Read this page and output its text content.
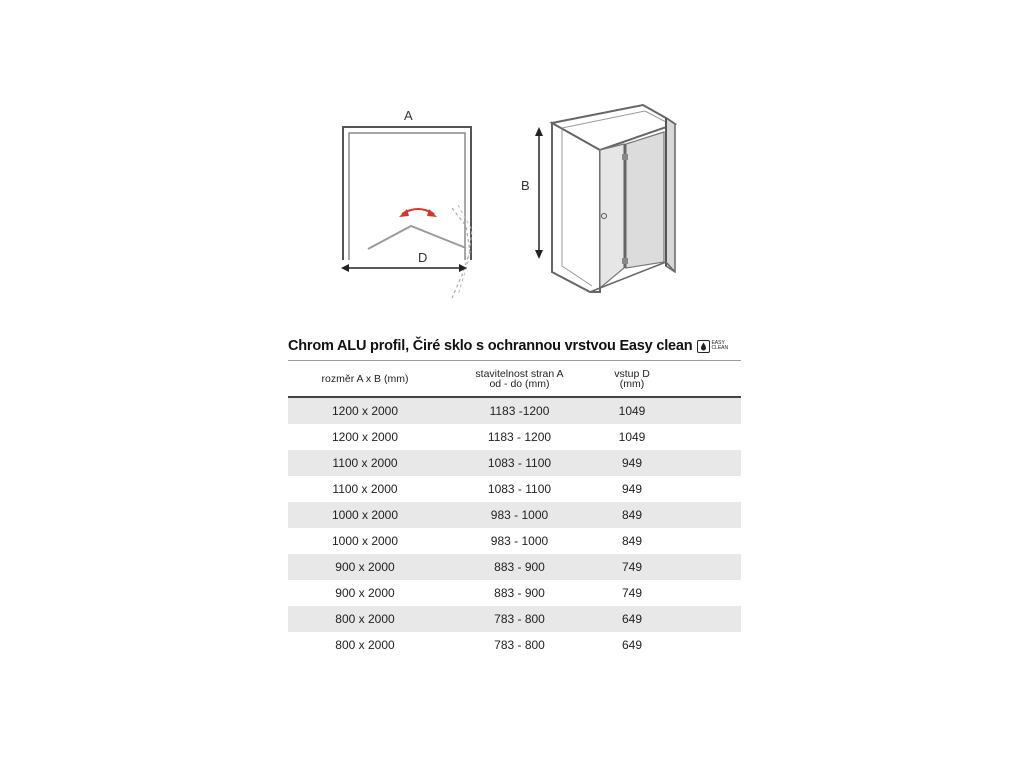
A
D
B
Chrom ALU profil, Čiré sklo s ochrannou vrstvou Easy clean	EASY
CLEAN
rozměr A x B (mm)	stavitelnost stran A
od - do (mm)
vstup D
(mm)
1200 x 2000	1183 -1200	1049
1200 x 2000	1183 - 1200	1049
1100 x 2000	1083 - 1100	949
1100 x 2000	1083 - 1100	949
1000 x 2000	983 - 1000	849
1000 x 2000	983 - 1000	849
900 x 2000	883 - 900	749
900 x 2000	883 - 900	749
800 x 2000	783 - 800	649
800 x 2000	783 - 800	649
